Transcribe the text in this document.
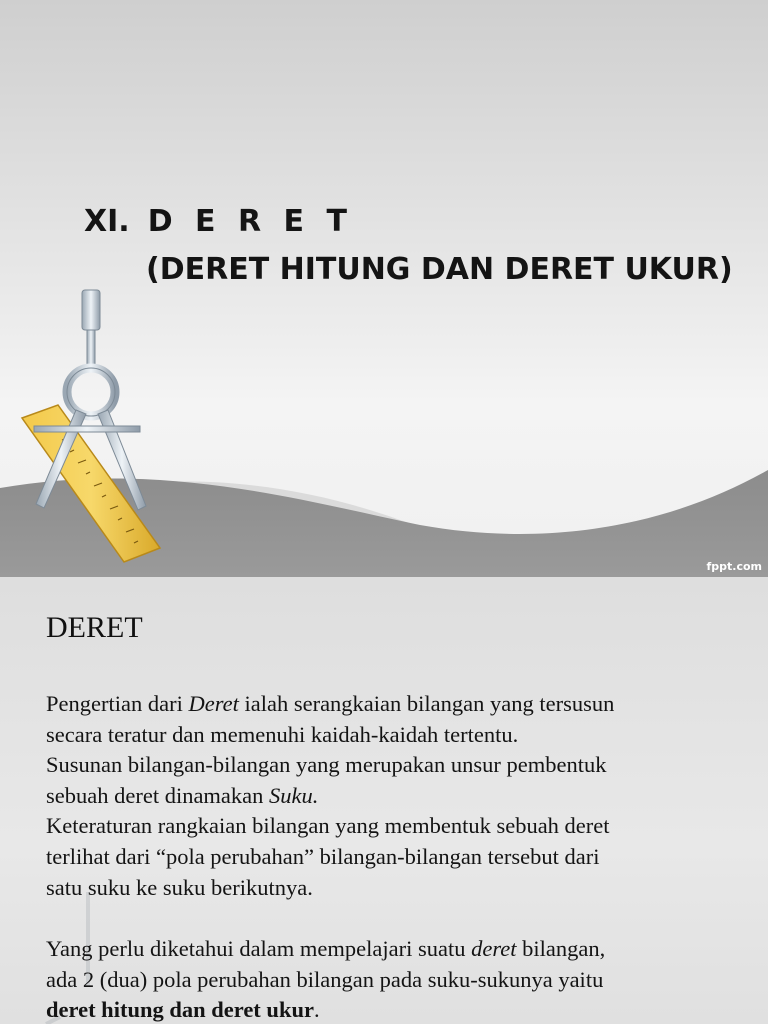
XI. D E R E T
(DERET HITUNG DAN DERET UKUR)
fppt.com
DERET

Pengertian dari Deret ialah serangkaian bilangan yang tersusun

secara teratur dan memenuhi kaidah-kaidah tertentu.

Susunan bilangan-bilangan yang merupakan unsur pembentuk

sebuah deret dinamakan Suku.

Keteraturan rangkaian bilangan yang membentuk sebuah deret

terlihat dari “pola perubahan” bilangan-bilangan tersebut dari

satu suku ke suku berikutnya.

Yang perlu diketahui dalam mempelajari suatu deret bilangan,

ada 2 (dua) pola perubahan bilangan pada suku-sukunya yaitu

deret hitung dan deret ukur.
